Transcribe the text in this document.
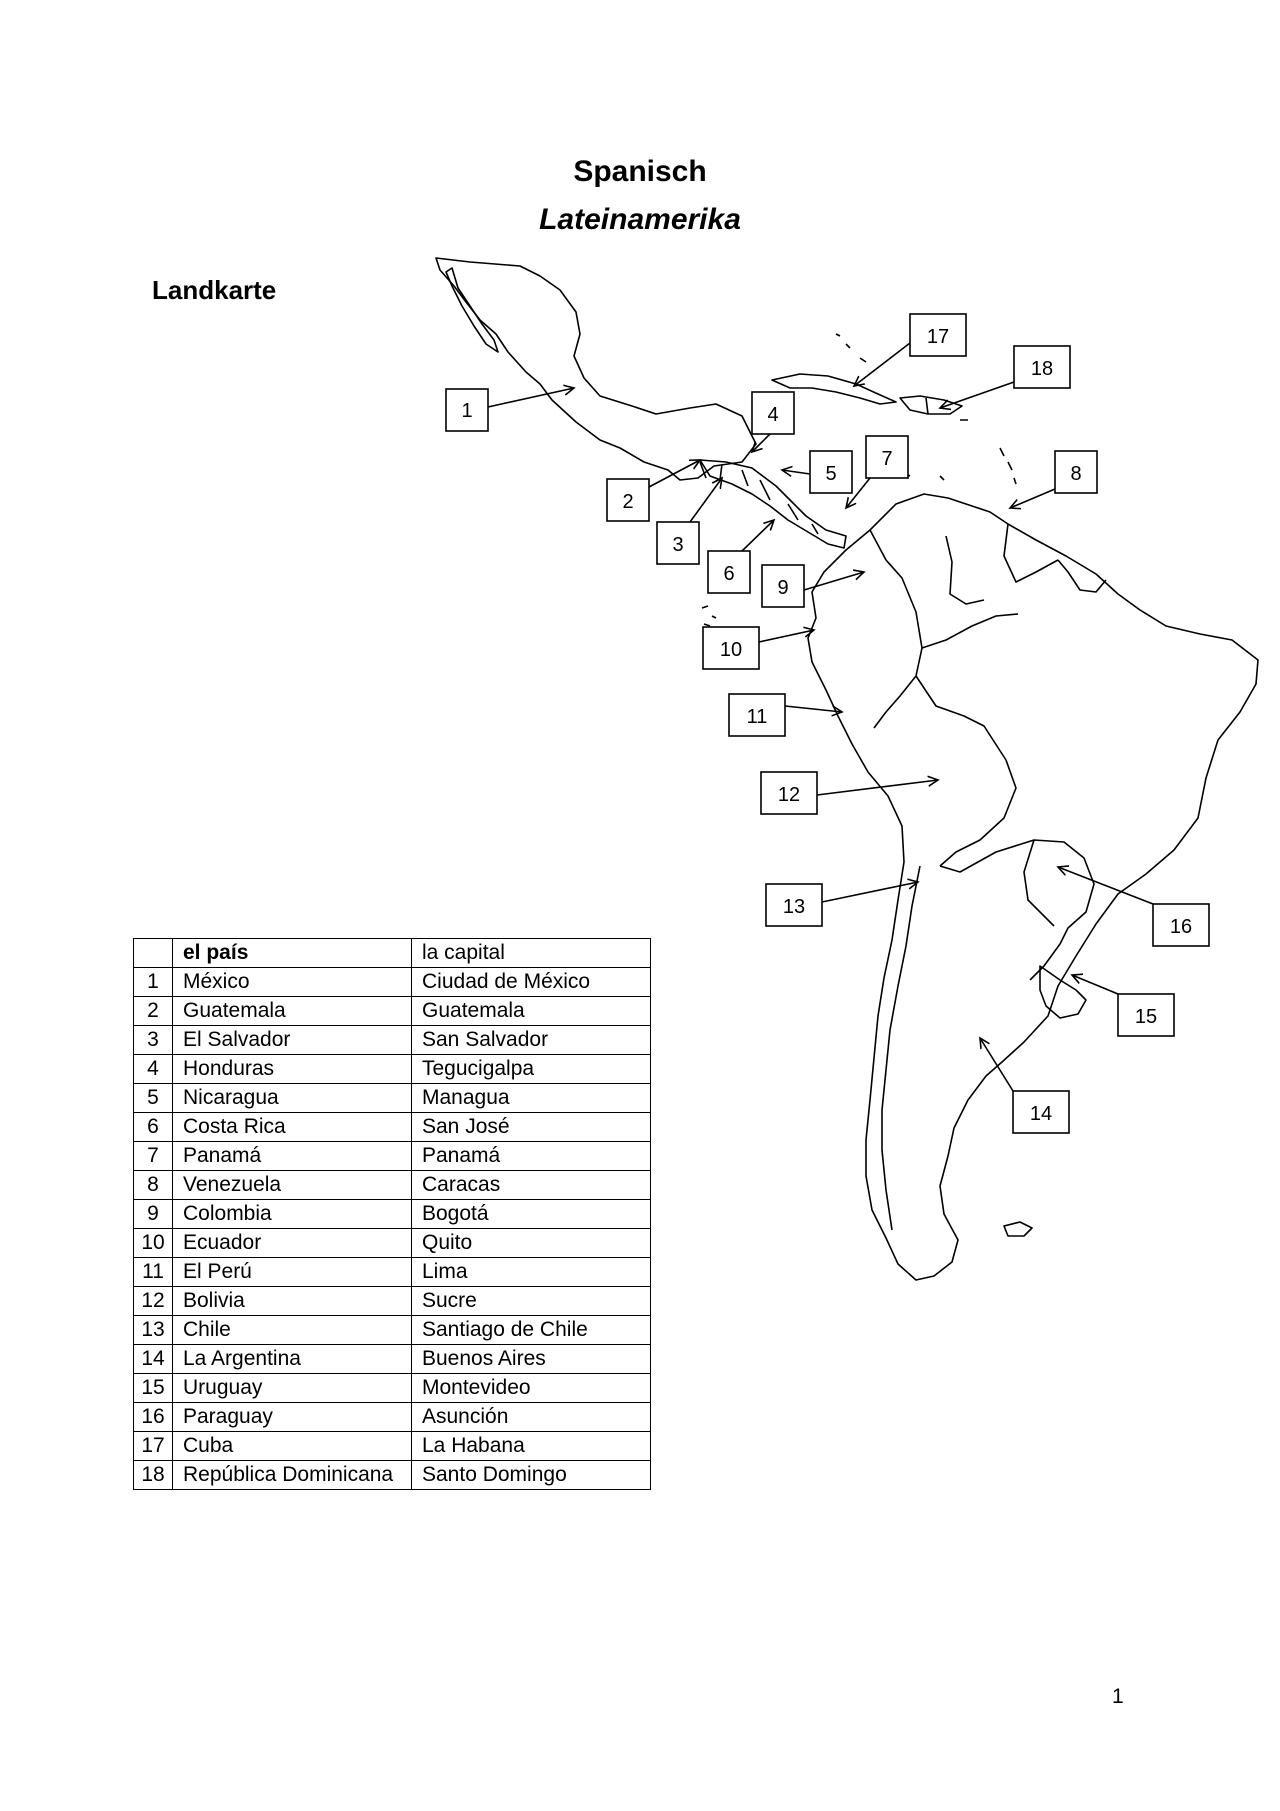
Spanisch
Lateinamerika
Landkarte
1
2
3
4
5
6
7
8
9
10
11
12
13
14
15
16
17
18
	el país	la capital
1	México	Ciudad de México
2	Guatemala	Guatemala
3	El Salvador	San Salvador
4	Honduras	Tegucigalpa
5	Nicaragua	Managua
6	Costa Rica	San José
7	Panamá	Panamá
8	Venezuela	Caracas
9	Colombia	Bogotá
10	Ecuador	Quito
11	El Perú	Lima
12	Bolivia	Sucre
13	Chile	Santiago de Chile
14	La Argentina	Buenos Aires
15	Uruguay	Montevideo
16	Paraguay	Asunción
17	Cuba	La Habana
18	República Dominicana	Santo Domingo
1
